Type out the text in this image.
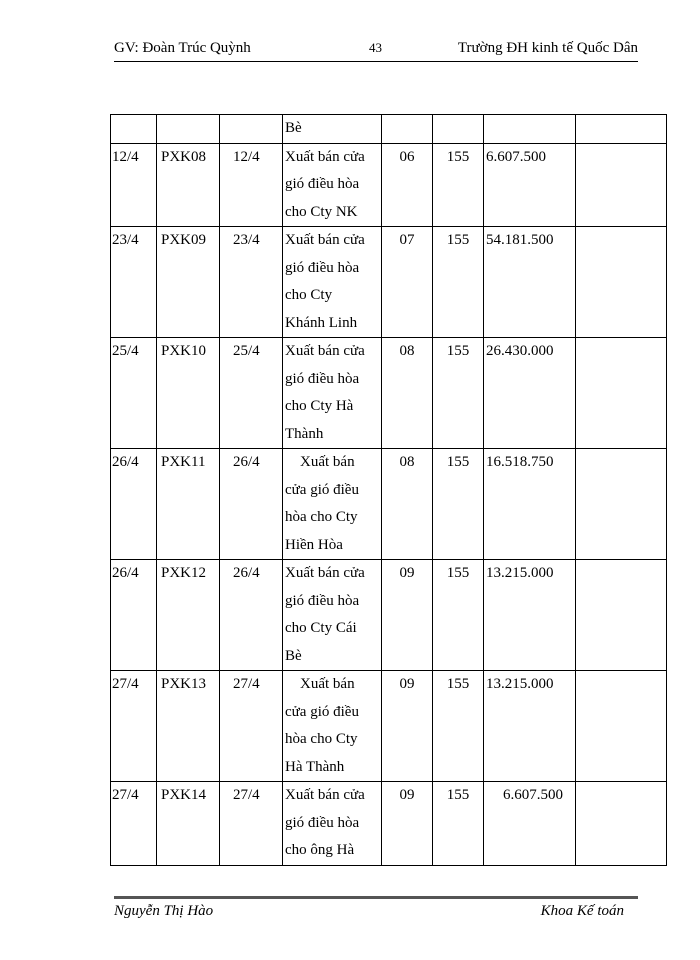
GV: Đoàn Trúc Quỳnh	43	Trường ĐH kinh tế Quốc Dân

			Bè				

12/4	PXK08	12/4	Xuất bán cửa
gió điều hòa
cho Cty NK	06	155	6.607.500	
23/4	PXK09	23/4	Xuất bán cửa
gió điều hòa
cho Cty
Khánh Linh	07	155	54.181.500	
25/4	PXK10	25/4	Xuất bán cửa
gió điều hòa
cho Cty Hà
Thành	08	155	26.430.000	
26/4	PXK11	26/4	Xuất bán
cửa gió điều
hòa cho Cty
Hiền Hòa	08	155	16.518.750	
26/4	PXK12	26/4	Xuất bán cửa
gió điều hòa
cho Cty Cái
Bè	09	155	13.215.000	
27/4	PXK13	27/4	Xuất bán
cửa gió điều
hòa cho Cty
Hà Thành	09	155	13.215.000	
27/4	PXK14	27/4	Xuất bán cửa
gió điều hòa
cho ông Hà	09	155	6.607.500	

Nguyễn Thị Hào	Khoa Kế toán
